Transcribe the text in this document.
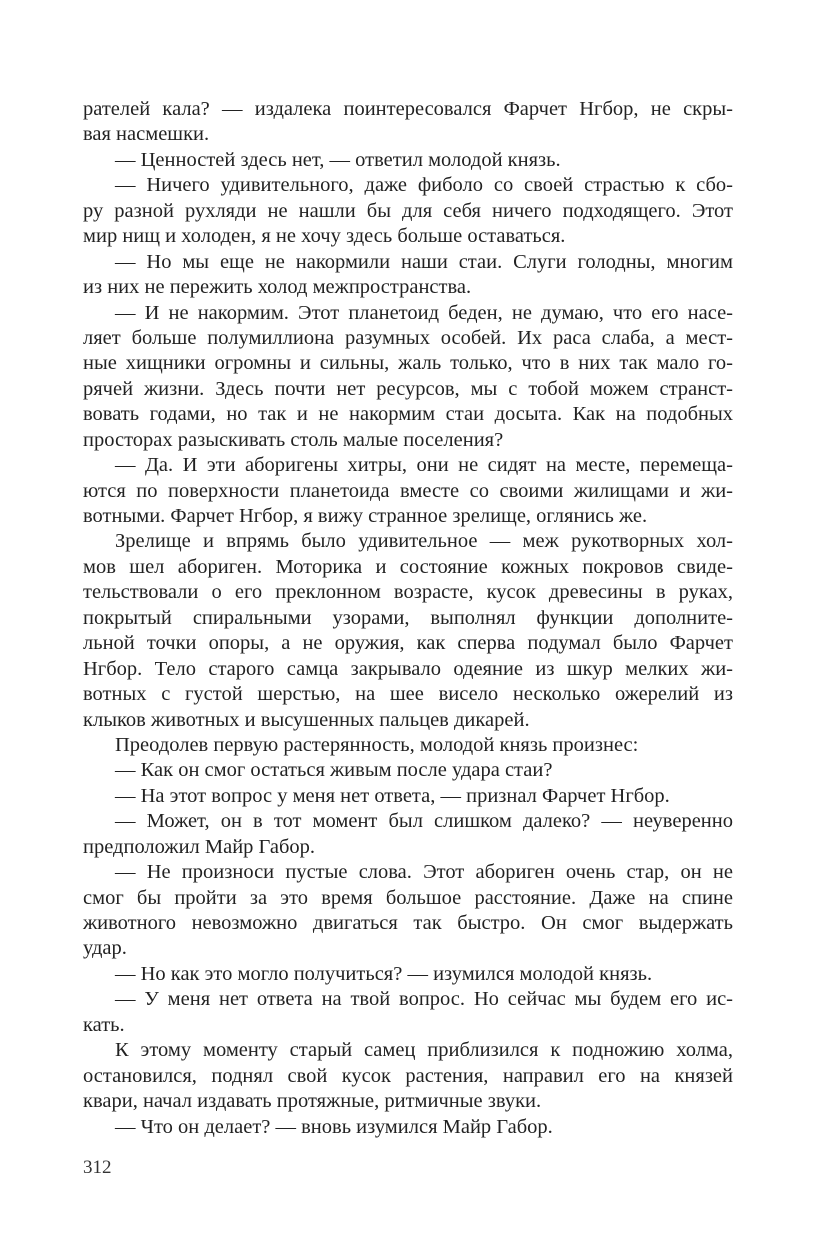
рателей кала? — издалека поинтересовался Фарчет Нгбор, не скры-
вая насмешки.
— Ценностей здесь нет, — ответил молодой князь.
— Ничего удивительного, даже фиболо со своей страстью к сбо-
ру разной рухляди не нашли бы для себя ничего подходящего. Этот
мир нищ и холоден, я не хочу здесь больше оставаться.
— Но мы еще не накормили наши стаи. Слуги голодны, многим
из них не пережить холод межпространства.
— И не накормим. Этот планетоид беден, не думаю, что его насе-
ляет больше полумиллиона разумных особей. Их раса слаба, а мест-
ные хищники огромны и сильны, жаль только, что в них так мало го-
рячей жизни. Здесь почти нет ресурсов, мы с тобой можем странст-
вовать годами, но так и не накормим стаи досыта. Как на подобных
просторах разыскивать столь малые поселения?
— Да. И эти аборигены хитры, они не сидят на месте, перемеща-
ются по поверхности планетоида вместе со своими жилищами и жи-
вотными. Фарчет Нгбор, я вижу странное зрелище, оглянись же.
Зрелище и впрямь было удивительное — меж рукотворных хол-
мов шел абориген. Моторика и состояние кожных покровов свиде-
тельствовали о его преклонном возрасте, кусок древесины в руках,
покрытый спиральными узорами, выполнял функции дополните-
льной точки опоры, а не оружия, как сперва подумал было Фарчет
Нгбор. Тело старого самца закрывало одеяние из шкур мелких жи-
вотных с густой шерстью, на шее висело несколько ожерелий из
клыков животных и высушенных пальцев дикарей.
Преодолев первую растерянность, молодой князь произнес:
— Как он смог остаться живым после удара стаи?
— На этот вопрос у меня нет ответа, — признал Фарчет Нгбор.
— Может, он в тот момент был слишком далеко? — неуверенно
предположил Майр Габор.
— Не произноси пустые слова. Этот абориген очень стар, он не
смог бы пройти за это время большое расстояние. Даже на спине
животного невозможно двигаться так быстро. Он смог выдержать
удар.
— Но как это могло получиться? — изумился молодой князь.
— У меня нет ответа на твой вопрос. Но сейчас мы будем его ис-
кать.
К этому моменту старый самец приблизился к подножию холма,
остановился, поднял свой кусок растения, направил его на князей
квари, начал издавать протяжные, ритмичные звуки.
— Что он делает? — вновь изумился Майр Габор.
312
